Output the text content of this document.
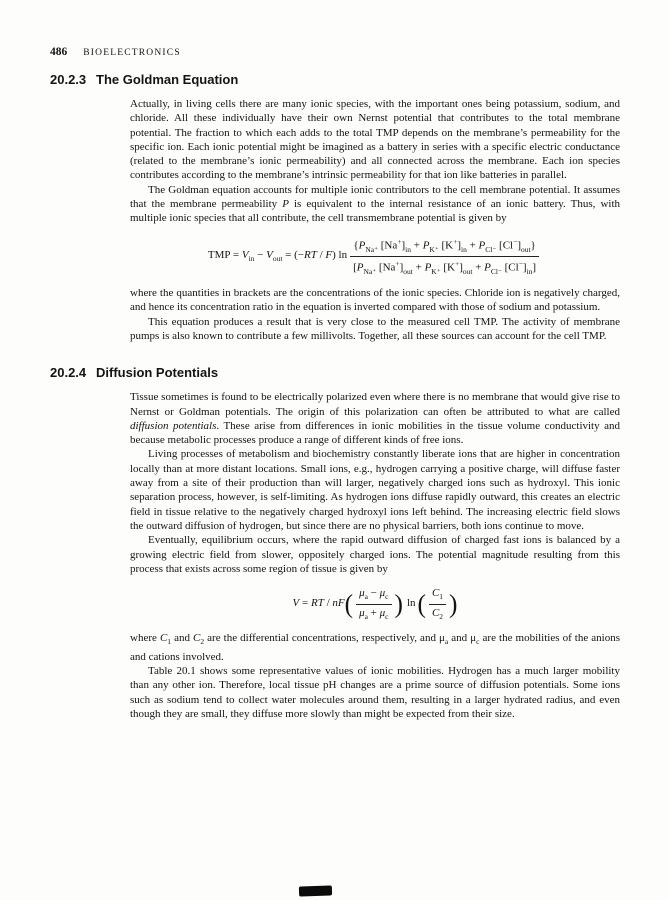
486 BIOELECTRONICS
20.2.3 The Goldman Equation

Actually, in living cells there are many ionic species, with the important ones being potassium, sodium, and chloride. All these individually have their own Nernst potential that contributes to the total membrane potential. The fraction to which each adds to the total TMP depends on the membrane’s permeability for the specific ion. Each ionic potential might be imagined as a battery in series with a specific electric conductance (related to the membrane’s ionic permeability) and all connected across the membrane. Each ion species contributes according to the membrane’s intrinsic permeability for that ion like batteries in parallel.

The Goldman equation accounts for multiple ionic contributors to the cell membrane potential. It assumes that the membrane permeability P is equivalent to the internal resistance of an ionic battery. Thus, with multiple ionic species that all contribute, the cell transmembrane potential is given by

TMP = $V_{in} - V_{out} = (-RT / F)$ $\ln \frac{\{P_{Na^+} [Na^+]_{in} + P_{K^+} [K^+]_{in} + P_{Cl^-} [Cl^-]_{out}\}}{[P_{Na^+} [Na^+]_{out} + P_{K^+} [K^+]_{out} + P_{Cl^-} [Cl^-]_{in}]}$

where the quantities in brackets are the concentrations of the ionic species. Chloride ion is negatively charged, and hence its concentration ratio in the equation is inverted compared with those of sodium and potassium.

This equation produces a result that is very close to the measured cell TMP. The activity of membrane pumps is also known to contribute a few millivolts. Together, all these sources can account for the cell TMP.

20.2.4 Diffusion Potentials

Tissue sometimes is found to be electrically polarized even where there is no membrane that would give rise to Nernst or Goldman potentials. The origin of this polarization can often be attributed to what are called diffusion potentials. These arise from differences in ionic mobilities in the tissue volume conductivity and because metabolic processes produce a range of different kinds of free ions.

Living processes of metabolism and biochemistry constantly liberate ions that are higher in concentration locally than at more distant locations. Small ions, e.g., hydrogen carrying a positive charge, will diffuse faster away from a site of their production than will larger, negatively charged ions such as hydroxyl. This ionic separation process, however, is self-limiting. As hydrogen ions diffuse rapidly outward, this creates an electric field in tissue relative to the negatively charged hydroxyl ions left behind. The increasing electric field slows the outward diffusion of hydrogen, but since there are no physical barriers, both ions continue to move.

Eventually, equilibrium occurs, where the rapid outward diffusion of charged fast ions is balanced by a growing electric field from slower, oppositely charged ions. The potential magnitude resulting from this process that exists across some region of tissue is given by

V = RT / nF ( $\frac{\mu_a - \mu_c}{\mu_a + \mu_c}$ ) ln ( $\frac{C_1}{C_2}$ )

where $C_1$ and $C_2$ are the differential concentrations, respectively, and $\mu_a$ and $\mu_c$ are the mobilities of the anions and cations involved.

Table 20.1 shows some representative values of ionic mobilities. Hydrogen has a much larger mobility than any other ion. Therefore, local tissue pH changes are a prime source of diffusion potentials. Some ions such as sodium tend to collect water molecules around them, resulting in a larger hydrated radius, and even though they are small, they diffuse more slowly than might be expected from their size.
